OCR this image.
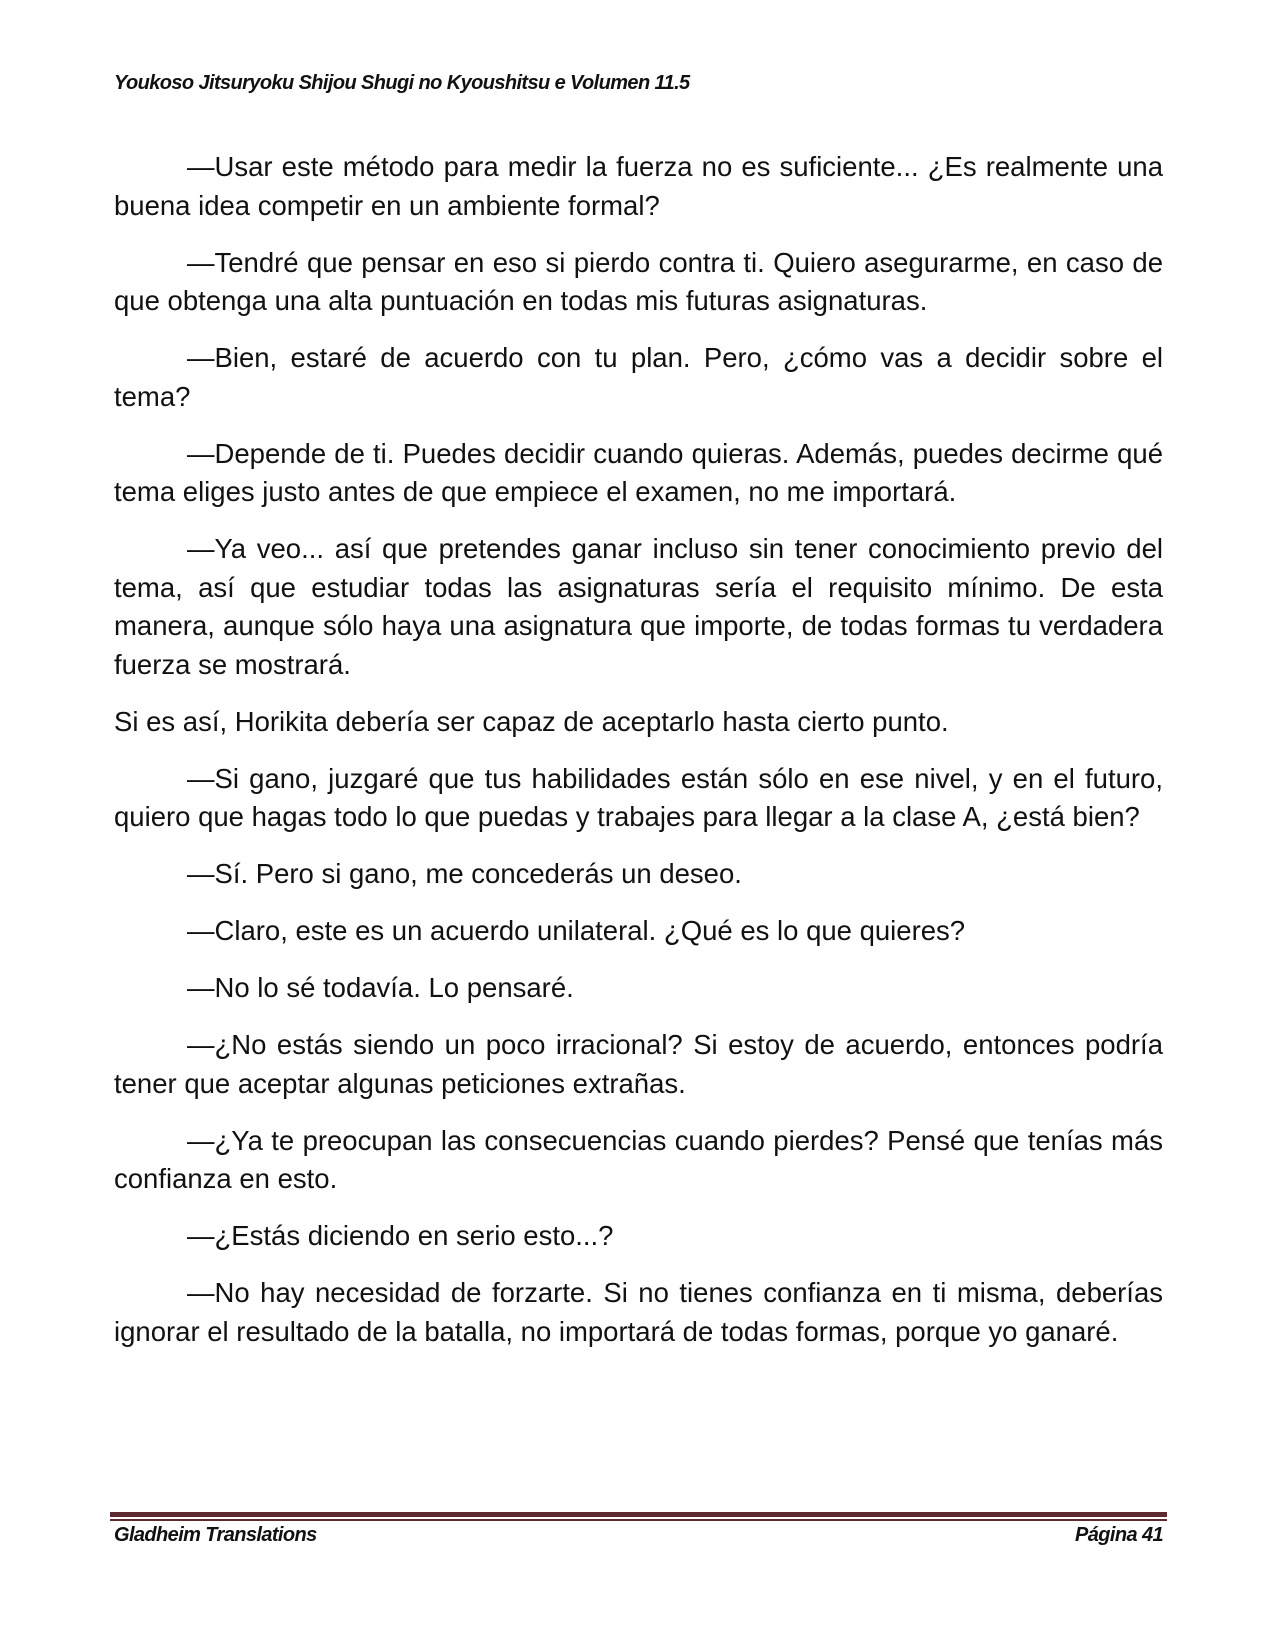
Youkoso Jitsuryoku Shijou Shugi no Kyoushitsu e Volumen 11.5

—Usar este método para medir la fuerza no es suficiente... ¿Es realmente una buena idea competir en un ambiente formal?

—Tendré que pensar en eso si pierdo contra ti. Quiero asegurarme, en caso de que obtenga una alta puntuación en todas mis futuras asignaturas.

—Bien, estaré de acuerdo con tu plan. Pero, ¿cómo vas a decidir sobre el tema?

—Depende de ti. Puedes decidir cuando quieras. Además, puedes decirme qué tema eliges justo antes de que empiece el examen, no me importará.

—Ya veo... así que pretendes ganar incluso sin tener conocimiento previo del tema, así que estudiar todas las asignaturas sería el requisito mínimo. De esta manera, aunque sólo haya una asignatura que importe, de todas formas tu verdadera fuerza se mostrará.

Si es así, Horikita debería ser capaz de aceptarlo hasta cierto punto.

—Si gano, juzgaré que tus habilidades están sólo en ese nivel, y en el futuro, quiero que hagas todo lo que puedas y trabajes para llegar a la clase A, ¿está bien?

—Sí. Pero si gano, me concederás un deseo.

—Claro, este es un acuerdo unilateral. ¿Qué es lo que quieres?

—No lo sé todavía. Lo pensaré.

—¿No estás siendo un poco irracional? Si estoy de acuerdo, entonces podría tener que aceptar algunas peticiones extrañas.

—¿Ya te preocupan las consecuencias cuando pierdes? Pensé que tenías más confianza en esto.

—¿Estás diciendo en serio esto...?

—No hay necesidad de forzarte. Si no tienes confianza en ti misma, deberías ignorar el resultado de la batalla, no importará de todas formas, porque yo ganaré.

Gladheim Translations	Página 41
